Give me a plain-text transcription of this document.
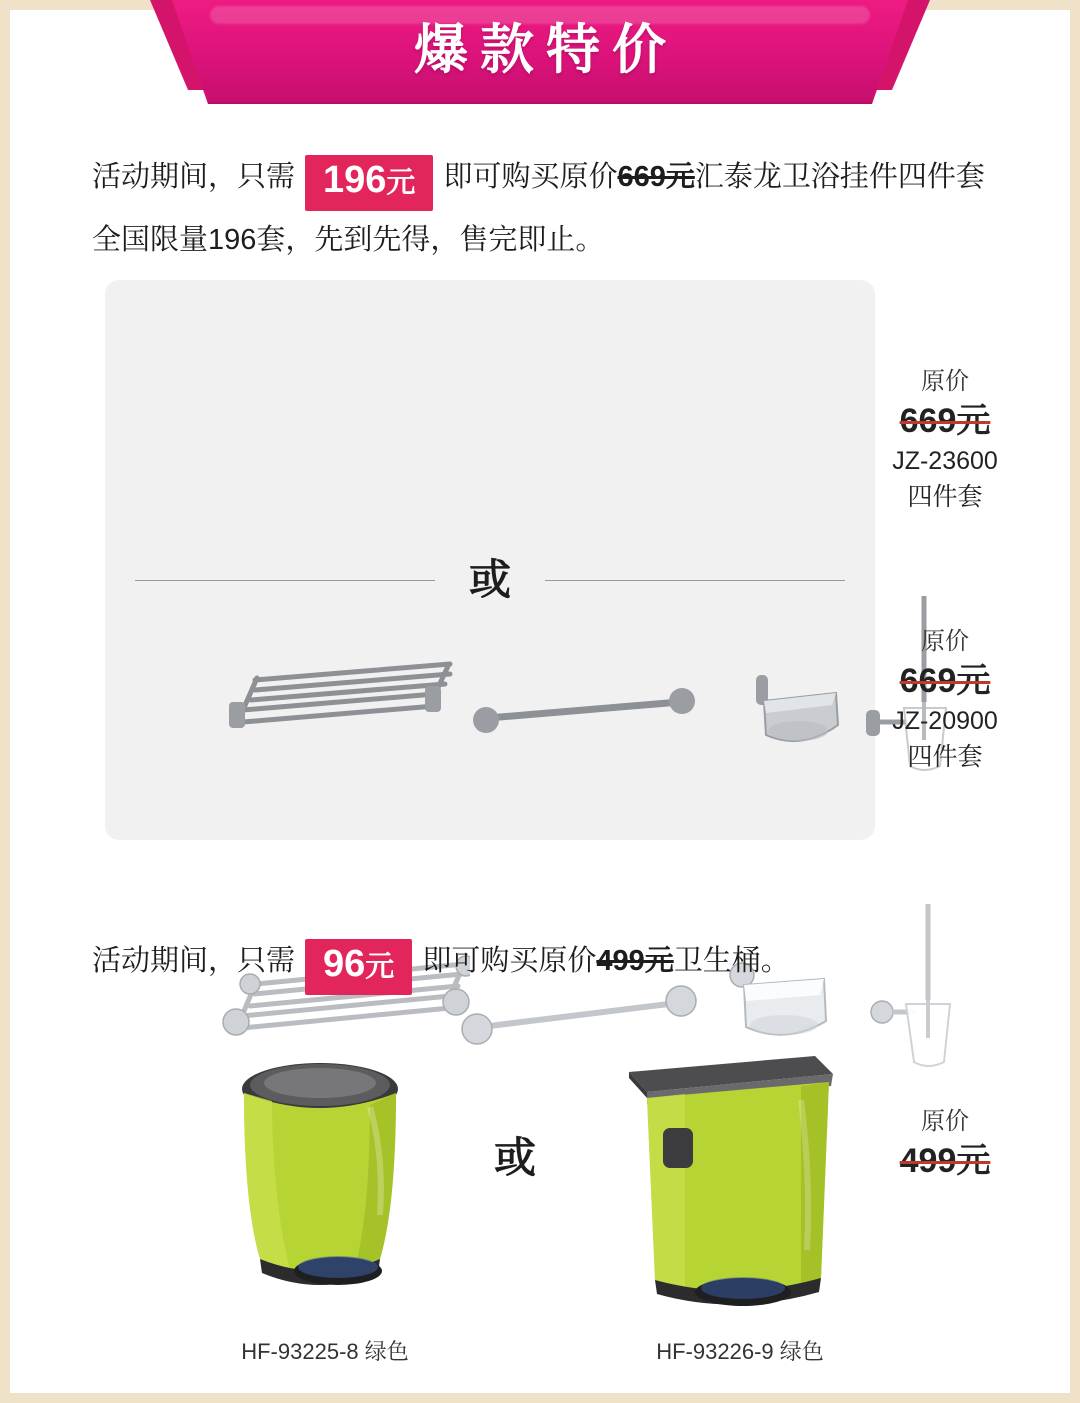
爆款特价
活动期间，只需 196元 即可购买原价669元汇泰龙卫浴挂件四件套
全国限量196套，先到先得，售完即止。
或
原价
669元
JZ-23600
四件套
原价
669元
JZ-20900
四件套
活动期间，只需 96元 即可购买原价499元卫生桶。
或
原价
499元
HF-93225-8 绿色	HF-93226-9 绿色
